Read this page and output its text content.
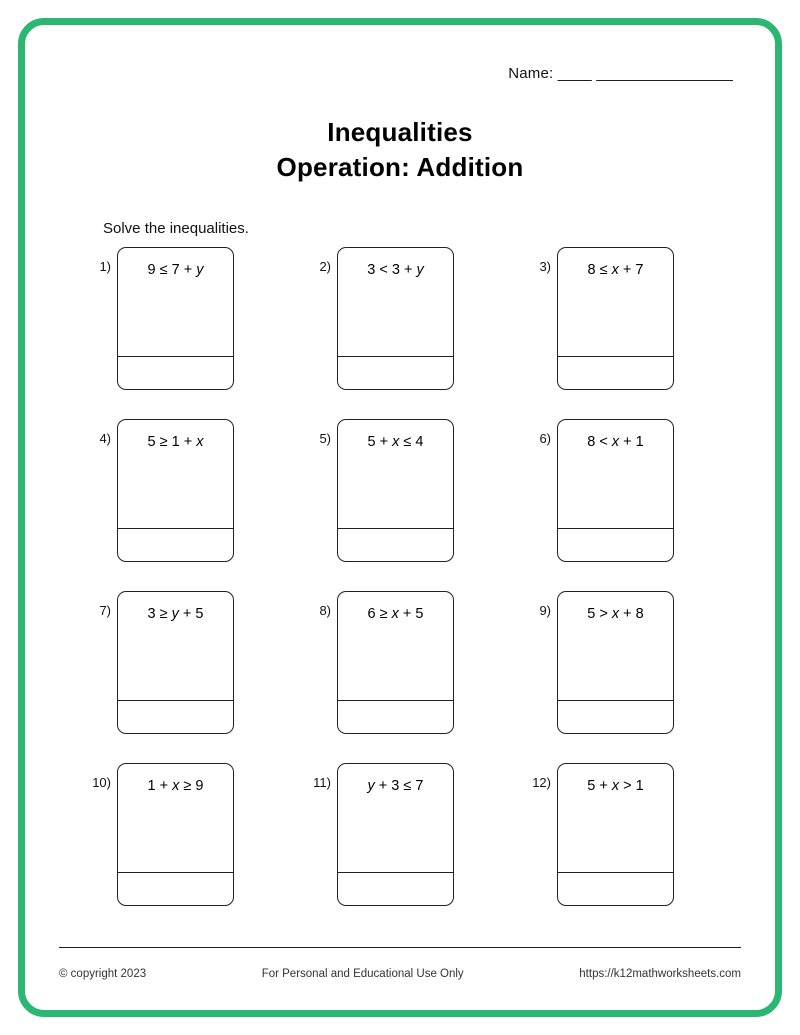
Name: ____ ________________
Inequalities
Operation: Addition
Solve the inequalities.
1)	9 ≤ 7 + y	2)	3 < 3 + y	3)	8 ≤ x + 7
4)	5 ≥ 1 + x	5)	5 + x ≤ 4	6)	8 < x + 1
7)	3 ≥ y + 5	8)	6 ≥ x + 5	9)	5 > x + 8
10)	1 + x ≥ 9	11)	y + 3 ≤ 7	12)	5 + x > 1
© copyright 2023	For Personal and Educational Use Only	https://k12mathworksheets.com
